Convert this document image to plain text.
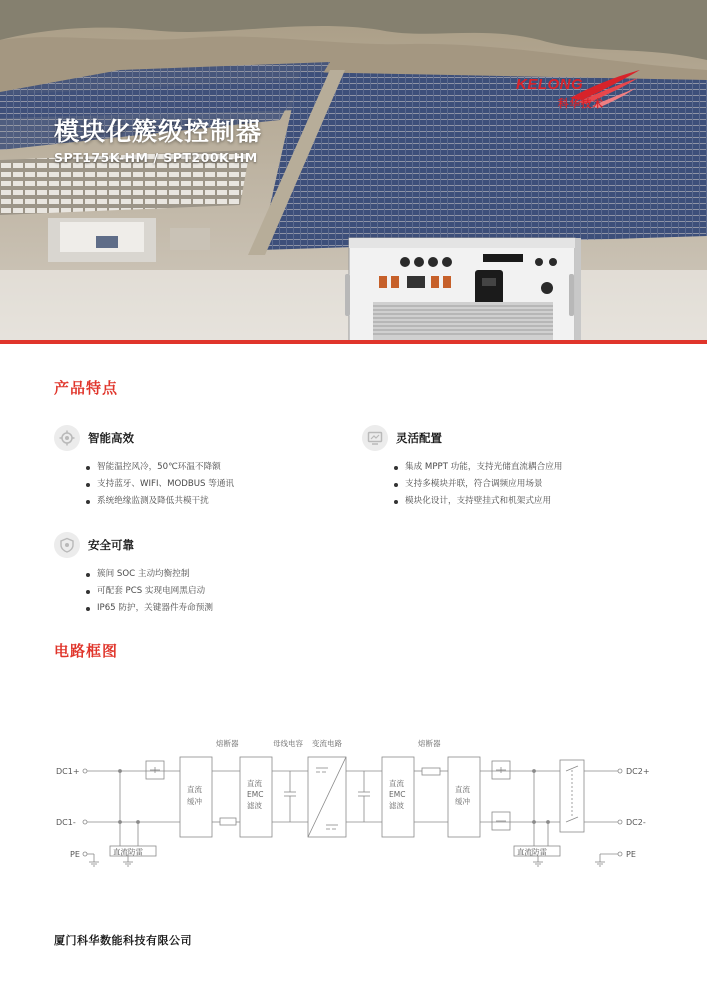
模块化簇级控制器
SPT175K-HM / SPT200K-HM
KELONG
科华技术
产品特点
智能高效
智能温控风冷，50℃环温不降额
支持蓝牙、WIFI、MODBUS 等通讯
系统绝缘监测及降低共模干扰
灵活配置
集成 MPPT 功能，支持光储直流耦合应用
支持多模块并联，符合调频应用场景
模块化设计，支持壁挂式和机架式应用
安全可靠
簇间 SOC 主动均衡控制
可配套 PCS 实现电网黑启动
IP65 防护，关键器件寿命预测
电路框图
DC1+
DC1-
PE
DC2+
DC2-
PE
直流防雷
直流
缓冲
熔断器
直流
EMC
滤波
母线电容 变流电路
直流
EMC
滤波
熔断器
直流
缓冲
直流防雷
厦门科华数能科技有限公司
